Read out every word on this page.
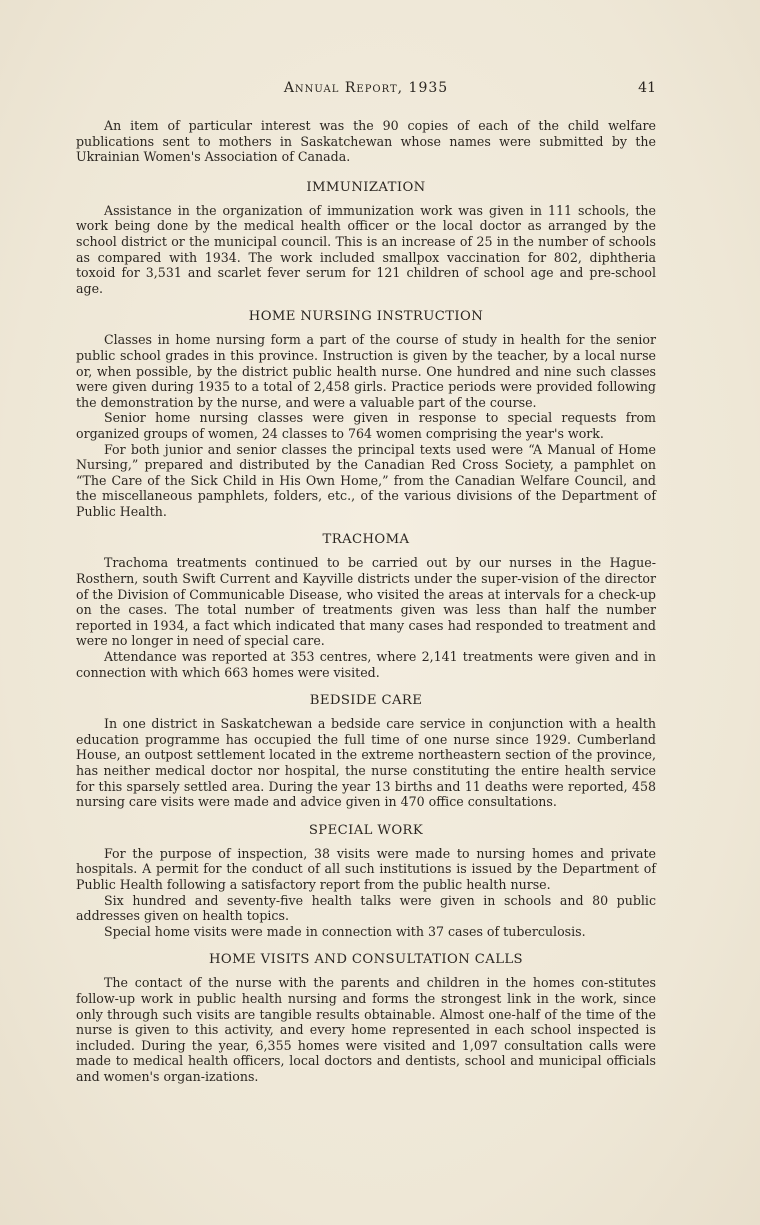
Annual Report, 1935	41

An item of particular interest was the 90 copies of each of the child welfare publications sent to mothers in Saskatchewan whose names were submitted by the Ukrainian Women's Association of Canada.

IMMUNIZATION

Assistance in the organization of immunization work was given in 111 schools, the work being done by the medical health officer or the local doctor as arranged by the school district or the municipal council. This is an increase of 25 in the number of schools as compared with 1934. The work included smallpox vaccination for 802, diphtheria toxoid for 3,531 and scarlet fever serum for 121 children of school age and pre-school age.

HOME NURSING INSTRUCTION

Classes in home nursing form a part of the course of study in health for the senior public school grades in this province. Instruction is given by the teacher, by a local nurse or, when possible, by the district public health nurse. One hundred and nine such classes were given during 1935 to a total of 2,458 girls. Practice periods were provided following the demonstration by the nurse, and were a valuable part of the course.

Senior home nursing classes were given in response to special requests from organized groups of women, 24 classes to 764 women comprising the year's work.

For both junior and senior classes the principal texts used were “A Manual of Home Nursing,” prepared and distributed by the Canadian Red Cross Society, a pamphlet on “The Care of the Sick Child in His Own Home,” from the Canadian Welfare Council, and the miscellaneous pamphlets, folders, etc., of the various divisions of the Department of Public Health.

TRACHOMA

Trachoma treatments continued to be carried out by our nurses in the Hague-Rosthern, south Swift Current and Kayville districts under the super-vision of the director of the Division of Communicable Disease, who visited the areas at intervals for a check-up on the cases. The total number of treatments given was less than half the number reported in 1934, a fact which indicated that many cases had responded to treatment and were no longer in need of special care.

Attendance was reported at 353 centres, where 2,141 treatments were given and in connection with which 663 homes were visited.

BEDSIDE CARE

In one district in Saskatchewan a bedside care service in conjunction with a health education programme has occupied the full time of one nurse since 1929. Cumberland House, an outpost settlement located in the extreme northeastern section of the province, has neither medical doctor nor hospital, the nurse constituting the entire health service for this sparsely settled area. During the year 13 births and 11 deaths were reported, 458 nursing care visits were made and advice given in 470 office consultations.

SPECIAL WORK

For the purpose of inspection, 38 visits were made to nursing homes and private hospitals. A permit for the conduct of all such institutions is issued by the Department of Public Health following a satisfactory report from the public health nurse.

Six hundred and seventy-five health talks were given in schools and 80 public addresses given on health topics.

Special home visits were made in connection with 37 cases of tuberculosis.

HOME VISITS AND CONSULTATION CALLS

The contact of the nurse with the parents and children in the homes con-stitutes follow-up work in public health nursing and forms the strongest link in the work, since only through such visits are tangible results obtainable. Almost one-half of the time of the nurse is given to this activity, and every home represented in each school inspected is included. During the year, 6,355 homes were visited and 1,097 consultation calls were made to medical health officers, local doctors and dentists, school and municipal officials and women's organ-izations.
